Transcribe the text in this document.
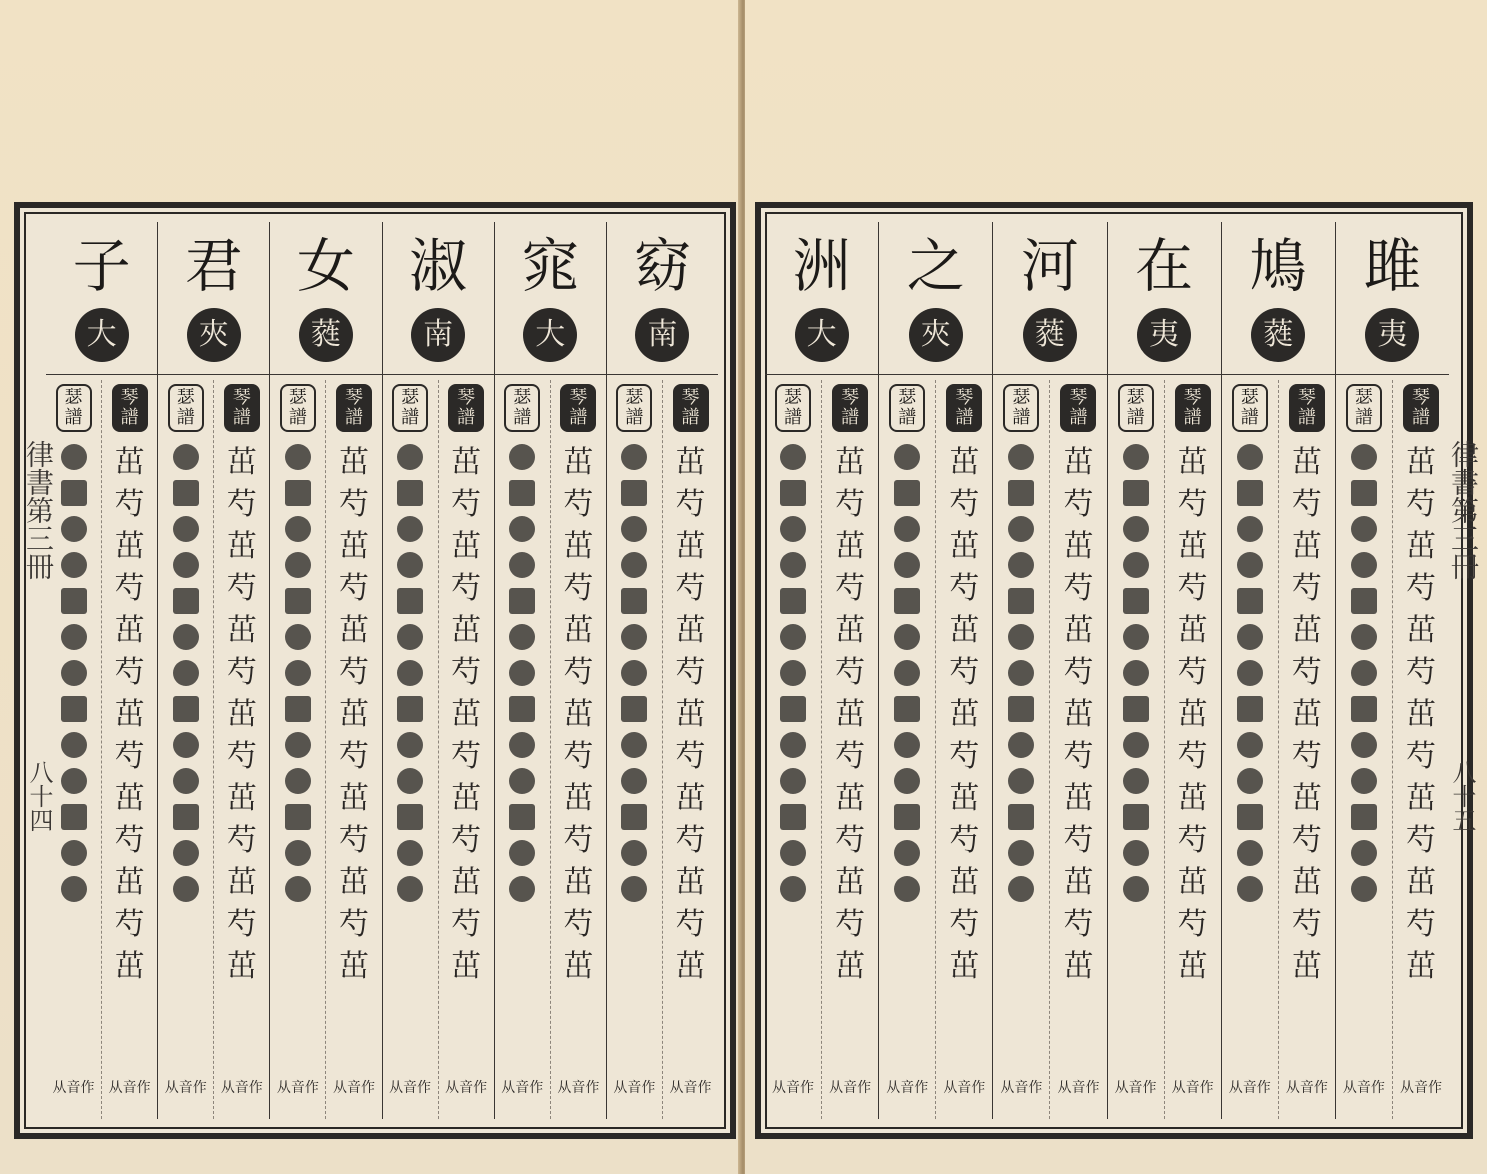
子
大
瑟譜
从音作
琴譜
茁
芍
茁
芍
茁
芍
茁
芍
茁
芍
茁
芍
茁
从音作
君
夾
瑟譜
从音作
琴譜
茁
芍
茁
芍
茁
芍
茁
芍
茁
芍
茁
芍
茁
从音作
女
蕤
瑟譜
从音作
琴譜
茁
芍
茁
芍
茁
芍
茁
芍
茁
芍
茁
芍
茁
从音作
淑
南
瑟譜
从音作
琴譜
茁
芍
茁
芍
茁
芍
茁
芍
茁
芍
茁
芍
茁
从音作
窕
大
瑟譜
从音作
琴譜
茁
芍
茁
芍
茁
芍
茁
芍
茁
芍
茁
芍
茁
从音作
窈
南
瑟譜
从音作
琴譜
茁
芍
茁
芍
茁
芍
茁
芍
茁
芍
茁
芍
茁
从音作
律書第三冊
八十四
洲
大
瑟譜
从音作
琴譜
茁
芍
茁
芍
茁
芍
茁
芍
茁
芍
茁
芍
茁
从音作
之
夾
瑟譜
从音作
琴譜
茁
芍
茁
芍
茁
芍
茁
芍
茁
芍
茁
芍
茁
从音作
河
蕤
瑟譜
从音作
琴譜
茁
芍
茁
芍
茁
芍
茁
芍
茁
芍
茁
芍
茁
从音作
在
夷
瑟譜
从音作
琴譜
茁
芍
茁
芍
茁
芍
茁
芍
茁
芍
茁
芍
茁
从音作
鳩
蕤
瑟譜
从音作
琴譜
茁
芍
茁
芍
茁
芍
茁
芍
茁
芍
茁
芍
茁
从音作
雎
夷
瑟譜
从音作
琴譜
茁
芍
茁
芍
茁
芍
茁
芍
茁
芍
茁
芍
茁
从音作
律書第三冊
八十五
